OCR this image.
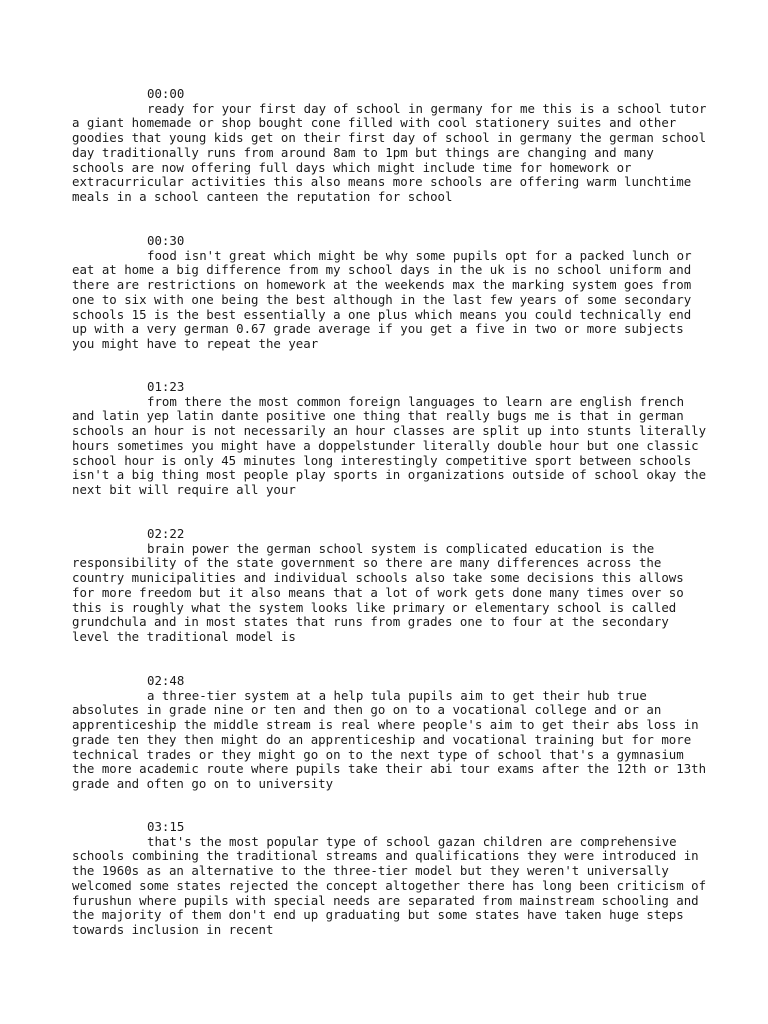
00:00
ready for your first day of school in germany for me this is a school tutor a giant homemade or shop bought cone filled with cool stationery suites and other goodies that young kids get on their first day of school in germany the german school day traditionally runs from around 8am to 1pm but things are changing and many schools are now offering full days which might include time for homework or extracurricular activities this also means more schools are offering warm lunchtime meals in a school canteen the reputation for school
00:30
food isn't great which might be why some pupils opt for a packed lunch or eat at home a big difference from my school days in the uk is no school uniform and there are restrictions on homework at the weekends max the marking system goes from one to six with one being the best although in the last few years of some secondary schools 15 is the best essentially a one plus which means you could technically end up with a very german 0.67 grade average if you get a five in two or more subjects you might have to repeat the year
01:23
from there the most common foreign languages to learn are english french and latin yep latin dante positive one thing that really bugs me is that in german schools an hour is not necessarily an hour classes are split up into stunts literally hours sometimes you might have a doppelstunder literally double hour but one classic school hour is only 45 minutes long interestingly competitive sport between schools isn't a big thing most people play sports in organizations outside of school okay the next bit will require all your
02:22
brain power the german school system is complicated education is the responsibility of the state government so there are many differences across the country municipalities and individual schools also take some decisions this allows for more freedom but it also means that a lot of work gets done many times over so this is roughly what the system looks like primary or elementary school is called grundchula and in most states that runs from grades one to four at the secondary level the traditional model is
02:48
a three-tier system at a help tula pupils aim to get their hub true absolutes in grade nine or ten and then go on to a vocational college and or an apprenticeship the middle stream is real where people's aim to get their abs loss in grade ten they then might do an apprenticeship and vocational training but for more technical trades or they might go on to the next type of school that's a gymnasium the more academic route where pupils take their abi tour exams after the 12th or 13th grade and often go on to university
03:15
that's the most popular type of school gazan children are comprehensive schools combining the traditional streams and qualifications they were introduced in the 1960s as an alternative to the three-tier model but they weren't universally welcomed some states rejected the concept altogether there has long been criticism of furushun where pupils with special needs are separated from mainstream schooling and the majority of them don't end up graduating but some states have taken huge steps towards inclusion in recent
